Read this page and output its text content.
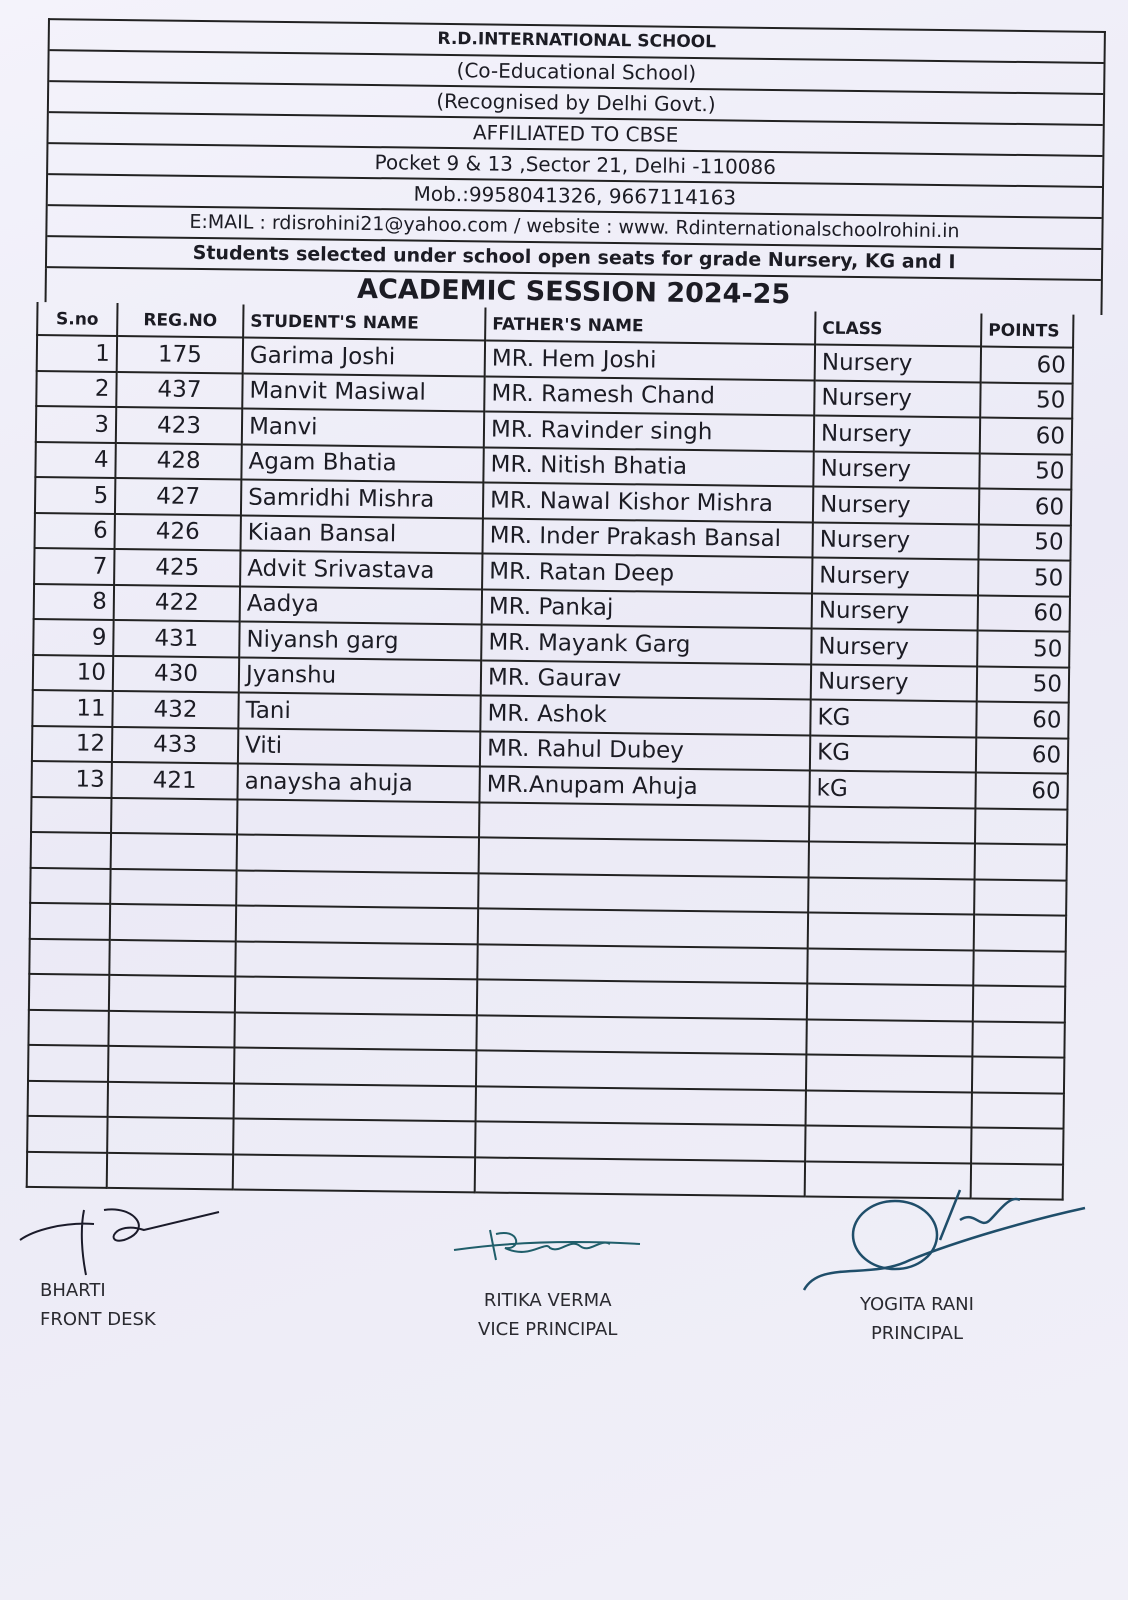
R.D.INTERNATIONAL SCHOOL
(Co-Educational School)
(Recognised by Delhi Govt.)
AFFILIATED TO CBSE
Pocket 9 & 13 ,Sector 21, Delhi -110086
Mob.:9958041326, 9667114163
E:MAIL : rdisrohini21@yahoo.com / website : www. Rdinternationalschoolrohini.in
Students selected under school open seats for grade Nursery, KG and I
ACADEMIC SESSION 2024-25
S.no	REG.NO	STUDENT'S NAME	FATHER'S NAME	CLASS	POINTS
1	175	Garima Joshi	MR. Hem Joshi	Nursery	60
2	437	Manvit Masiwal	MR. Ramesh Chand	Nursery	50
3	423	Manvi	MR. Ravinder singh	Nursery	60
4	428	Agam Bhatia	MR. Nitish Bhatia	Nursery	50
5	427	Samridhi Mishra	MR. Nawal Kishor Mishra	Nursery	60
6	426	Kiaan Bansal	MR. Inder Prakash Bansal	Nursery	50
7	425	Advit Srivastava	MR. Ratan Deep	Nursery	50
8	422	Aadya	MR. Pankaj	Nursery	60
9	431	Niyansh garg	MR. Mayank Garg	Nursery	50
10	430	Jyanshu	MR. Gaurav	Nursery	50
11	432	Tani	MR. Ashok	KG	60
12	433	Viti	MR. Rahul Dubey	KG	60
13	421	anaysha ahuja	MR.Anupam Ahuja	kG	60

BHARTI
FRONT DESK
RITIKA VERMA
VICE PRINCIPAL
YOGITA RANI
PRINCIPAL
